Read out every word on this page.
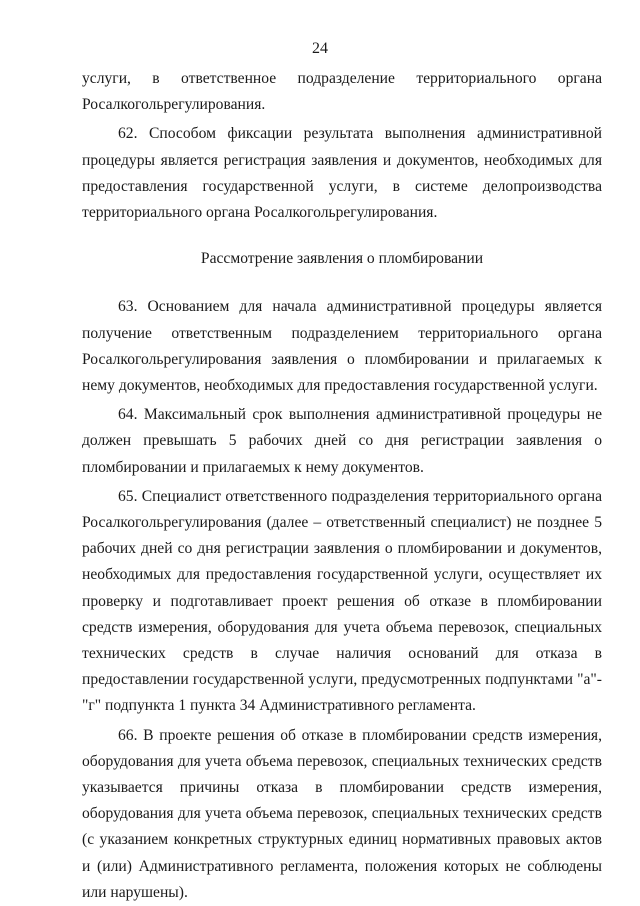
24

услуги, в ответственное подразделение территориального органа Росалкогольрегулирования.

62. Способом фиксации результата выполнения административной процедуры является регистрация заявления и документов, необходимых для предоставления государственной услуги, в системе делопроизводства территориального органа Росалкогольрегулирования.

Рассмотрение заявления о пломбировании

63. Основанием для начала административной процедуры является получение ответственным подразделением территориального органа Росалкогольрегулирования заявления о пломбировании и прилагаемых к нему документов, необходимых для предоставления государственной услуги.

64. Максимальный срок выполнения административной процедуры не должен превышать 5 рабочих дней со дня регистрации заявления о пломбировании и прилагаемых к нему документов.

65. Специалист ответственного подразделения территориального органа Росалкогольрегулирования (далее – ответственный специалист) не позднее 5 рабочих дней со дня регистрации заявления о пломбировании и документов, необходимых для предоставления государственной услуги, осуществляет их проверку и подготавливает проект решения об отказе в пломбировании средств измерения, оборудования для учета объема перевозок, специальных технических средств в случае наличия оснований для отказа в предоставлении государственной услуги, предусмотренных подпунктами "а"-"г" подпункта 1 пункта 34 Административного регламента.

66. В проекте решения об отказе в пломбировании средств измерения, оборудования для учета объема перевозок, специальных технических средств указывается причины отказа в пломбировании средств измерения, оборудования для учета объема перевозок, специальных технических средств (с указанием конкретных структурных единиц нормативных правовых актов и (или) Административного регламента, положения которых не соблюдены или нарушены).
